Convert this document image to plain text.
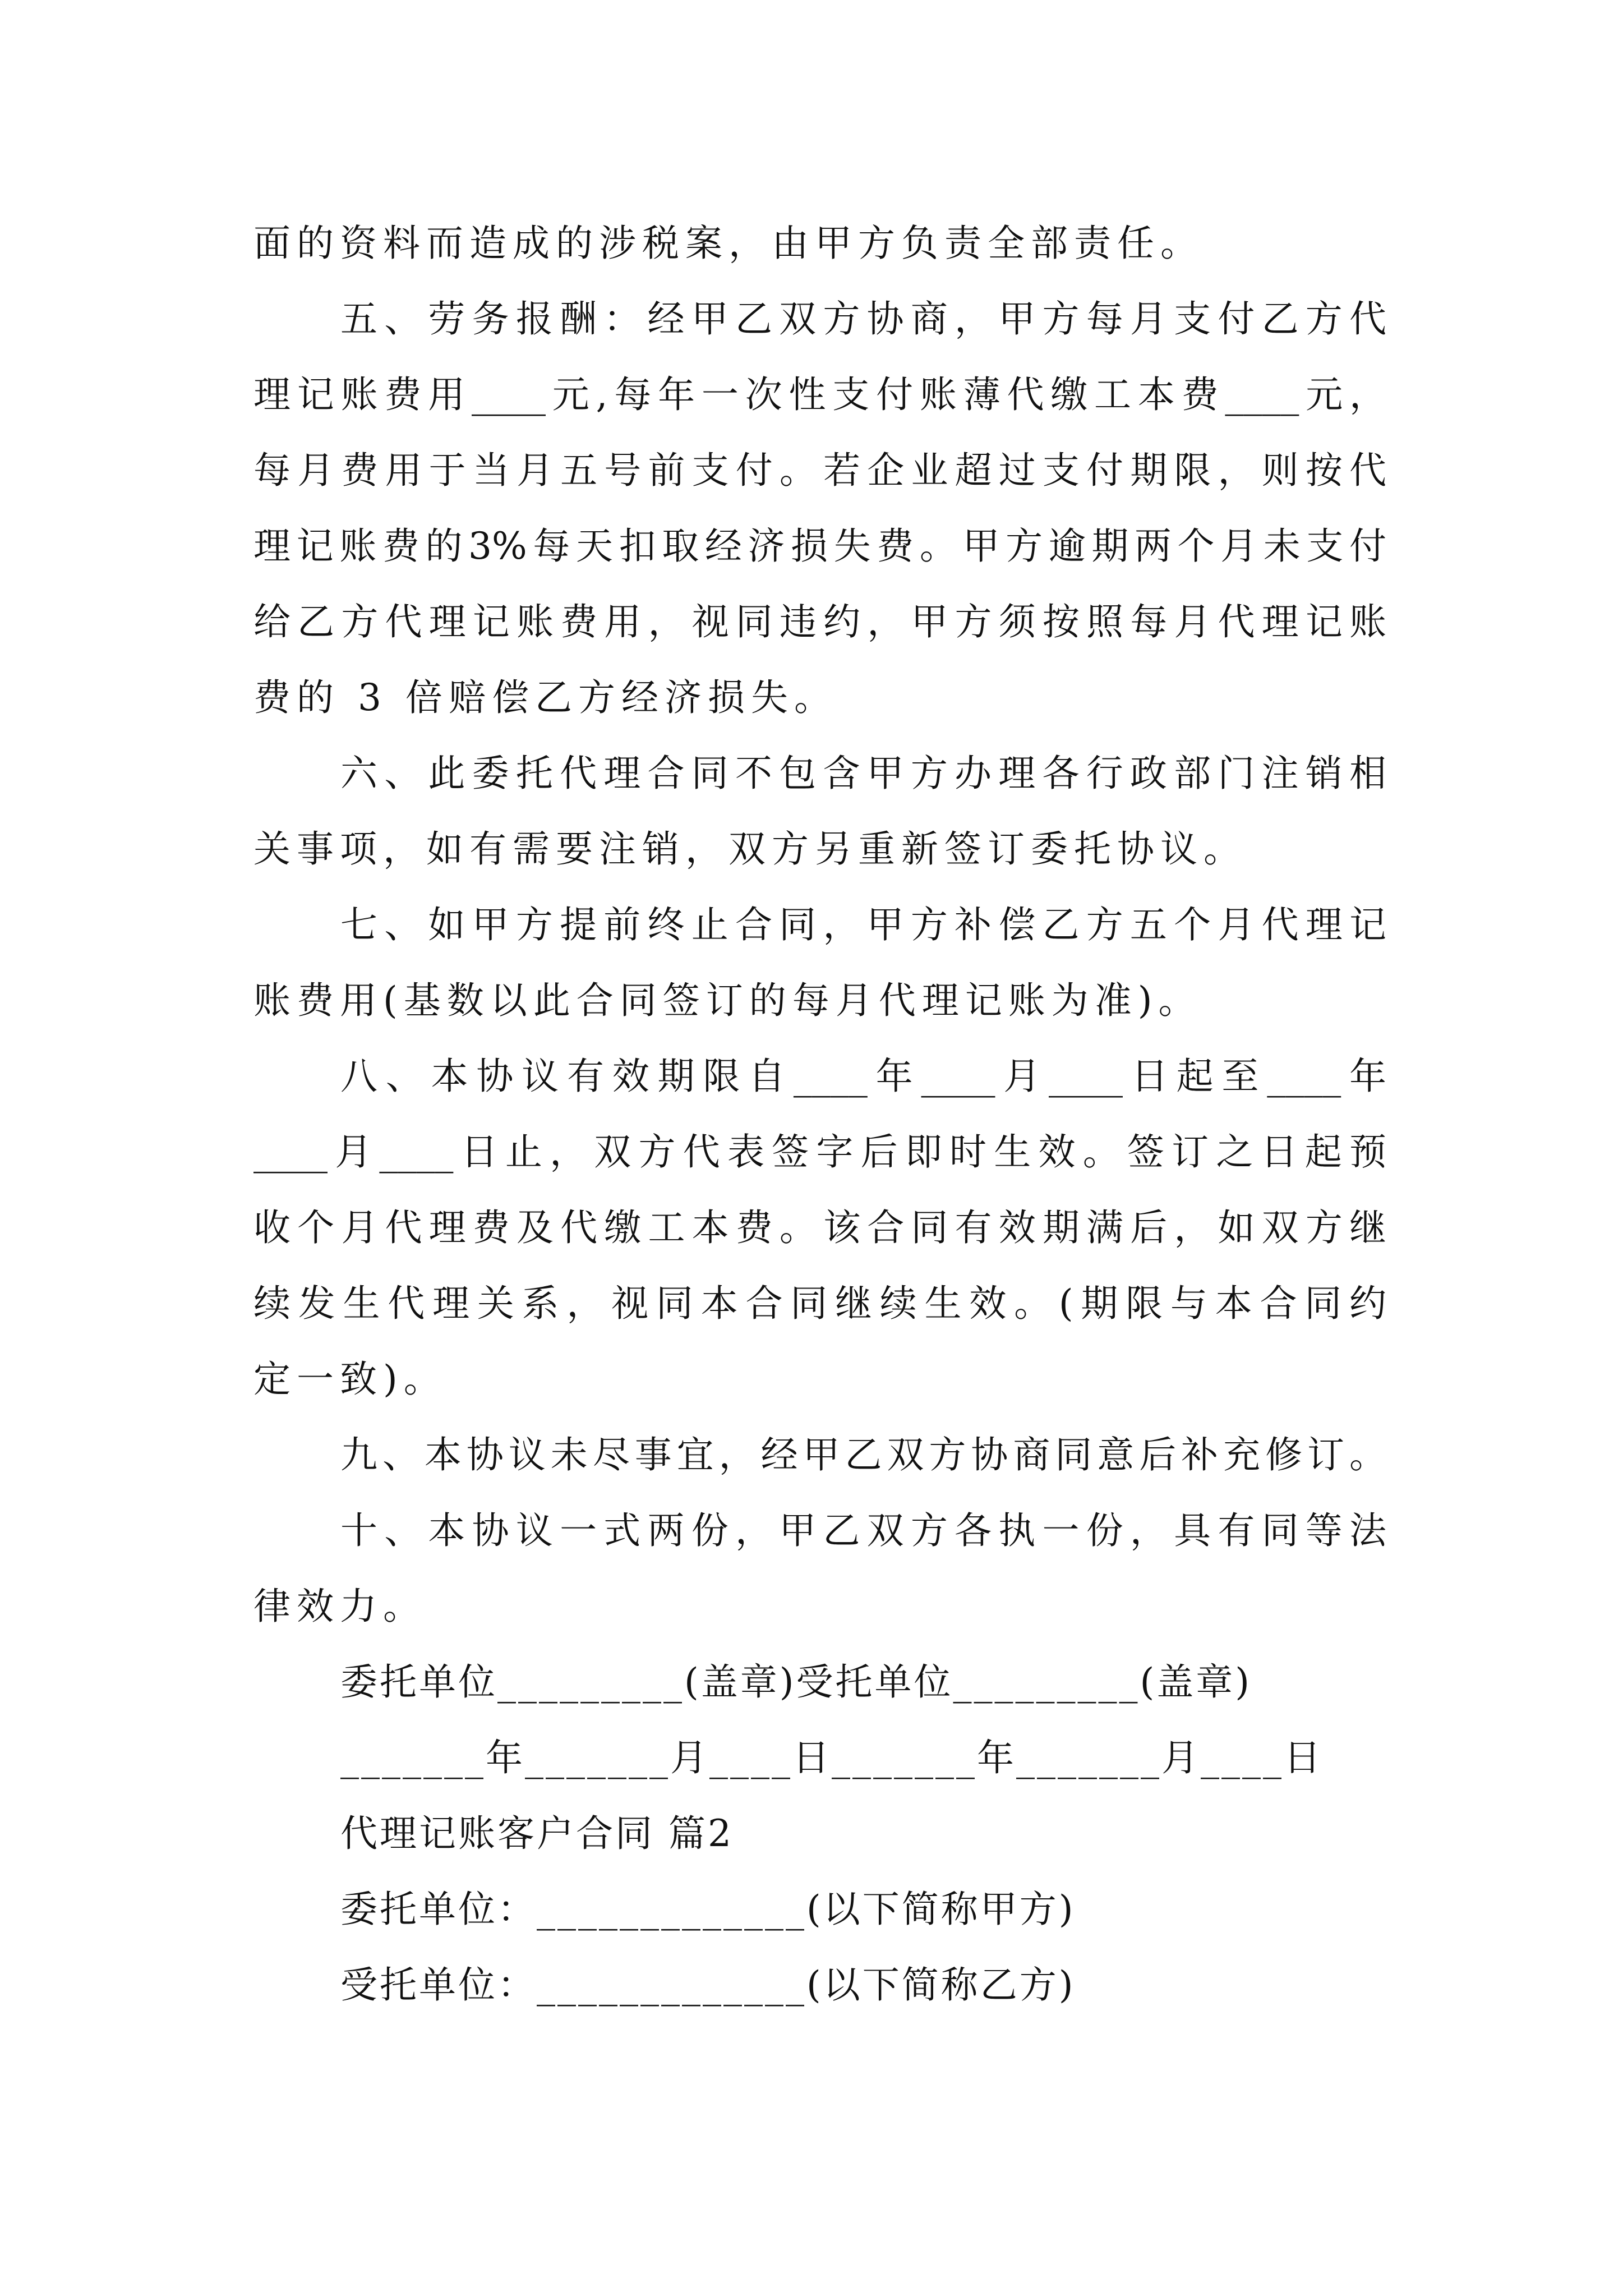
面的资料而造成的涉税案，由甲方负责全部责任。
五、劳务报酬：经甲乙双方协商，甲方每月支付乙方代
理记账费用____元,每年一次性支付账薄代缴工本费____元，
每月费用于当月五号前支付。若企业超过支付期限，则按代
理记账费的3%每天扣取经济损失费。甲方逾期两个月未支付
给乙方代理记账费用，视同违约，甲方须按照每月代理记账
费的 3 倍赔偿乙方经济损失。
六、此委托代理合同不包含甲方办理各行政部门注销相
关事项，如有需要注销，双方另重新签订委托协议。
七、如甲方提前终止合同，甲方补偿乙方五个月代理记
账费用(基数以此合同签订的每月代理记账为准)。
八、本协议有效期限自____年____月____日起至____年
____月____日止，双方代表签字后即时生效。签订之日起预
收个月代理费及代缴工本费。该合同有效期满后，如双方继
续发生代理关系，视同本合同继续生效。(期限与本合同约
定一致)。
九、本协议未尽事宜，经甲乙双方协商同意后补充修订。
十、本协议一式两份，甲乙双方各执一份，具有同等法
律效力。
委托单位_________(盖章)受托单位_________(盖章)
_______年_______月____日_______年_______月____日
代理记账客户合同 篇2
委托单位：_____________(以下简称甲方)
受托单位：_____________(以下简称乙方)
